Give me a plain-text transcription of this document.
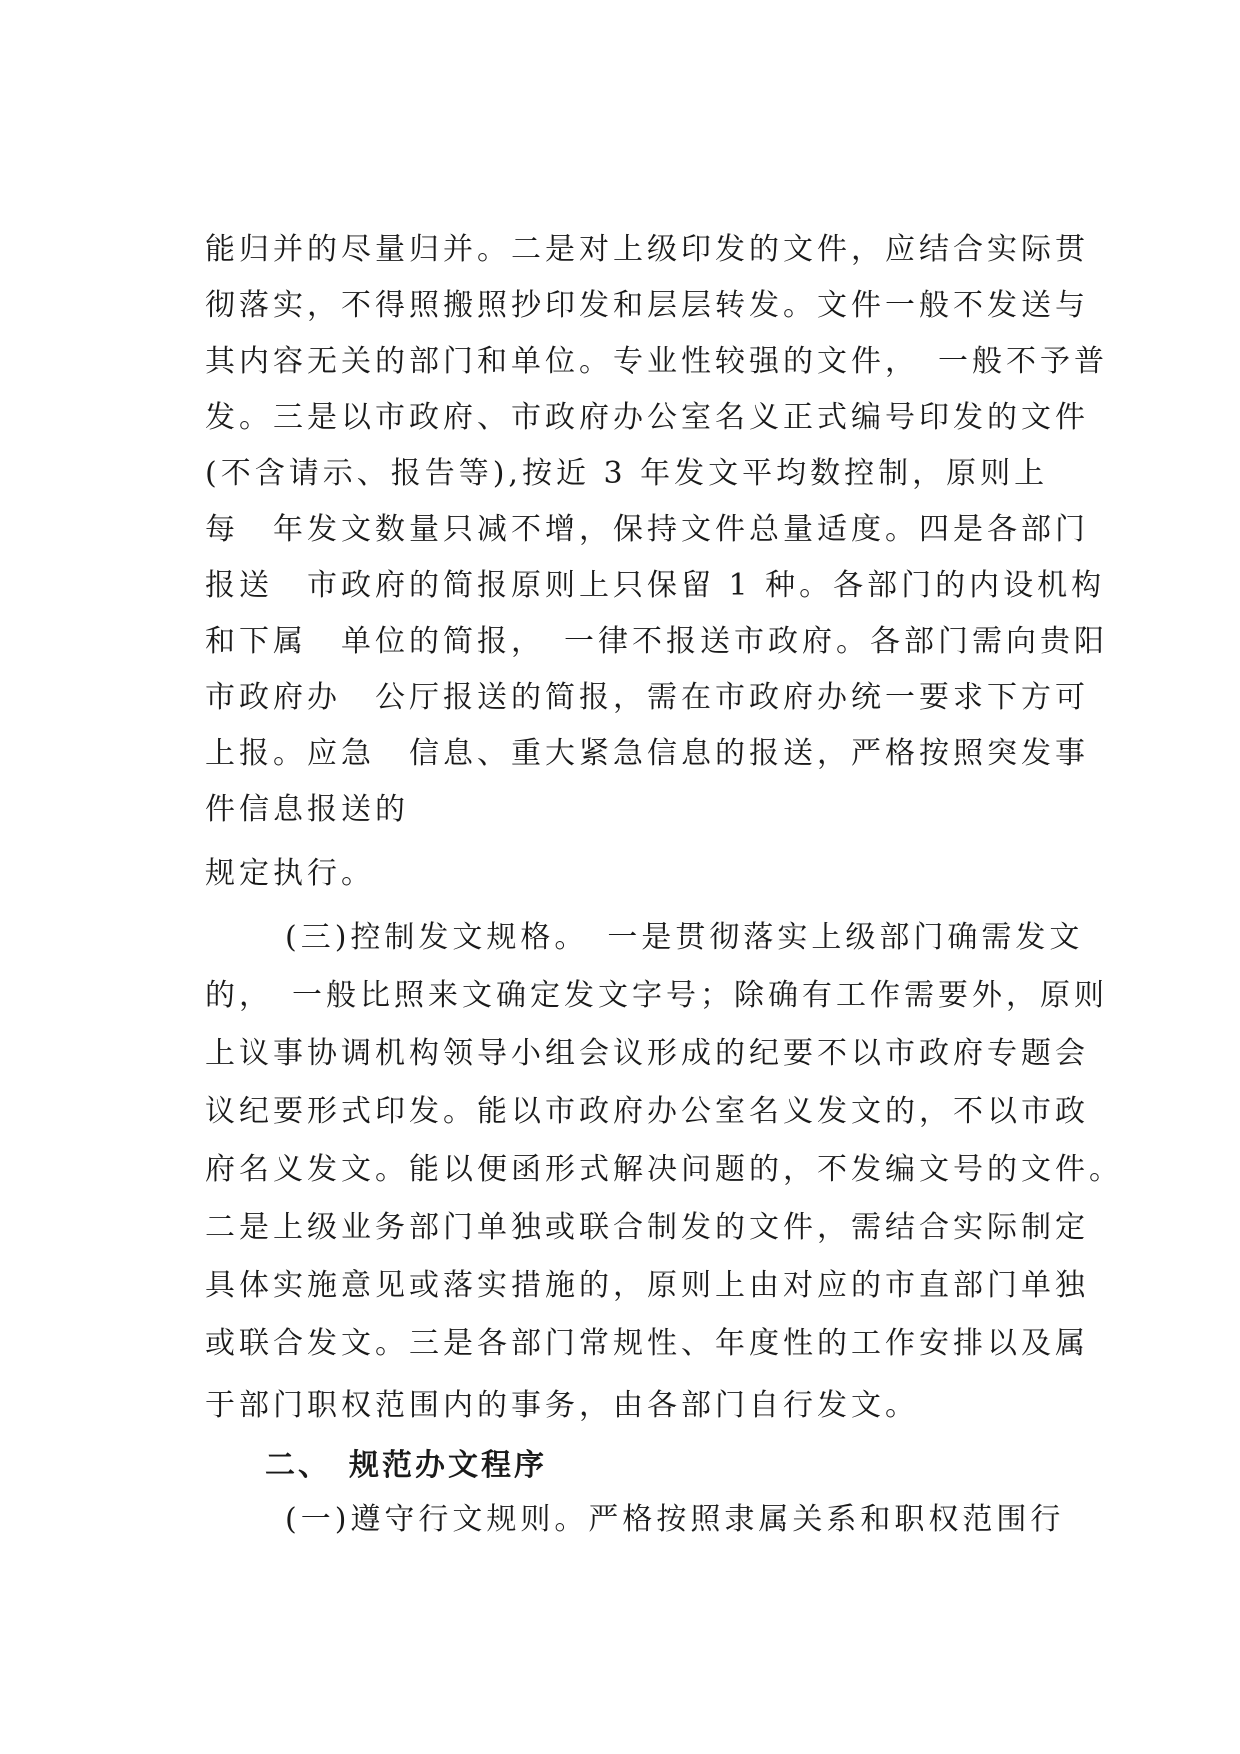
能归并的尽量归并。二是对上级印发的文件，应结合实际贯
彻落实，不得照搬照抄印发和层层转发。文件一般不发送与
其内容无关的部门和单位。专业性较强的文件，　一般不予普
发。三是以市政府、市政府办公室名义正式编号印发的文件
(不含请示、报告等),按近 3 年发文平均数控制，原则上
每　年发文数量只减不增，保持文件总量适度。四是各部门
报送　市政府的简报原则上只保留 1 种。各部门的内设机构
和下属　单位的简报，　一律不报送市政府。各部门需向贵阳
市政府办　公厅报送的简报，需在市政府办统一要求下方可
上报。应急　信息、重大紧急信息的报送，严格按照突发事
件信息报送的
规定执行。
(三)控制发文规格。　一是贯彻落实上级部门确需发文
的，　一般比照来文确定发文字号；除确有工作需要外，原则
上议事协调机构领导小组会议形成的纪要不以市政府专题会
议纪要形式印发。能以市政府办公室名义发文的，不以市政
府名义发文。能以便函形式解决问题的，不发编文号的文件。
二是上级业务部门单独或联合制发的文件，需结合实际制定
具体实施意见或落实措施的，原则上由对应的市直部门单独
或联合发文。三是各部门常规性、年度性的工作安排以及属
于部门职权范围内的事务，由各部门自行发文。
二、　规范办文程序
(一)遵守行文规则。严格按照隶属关系和职权范围行
